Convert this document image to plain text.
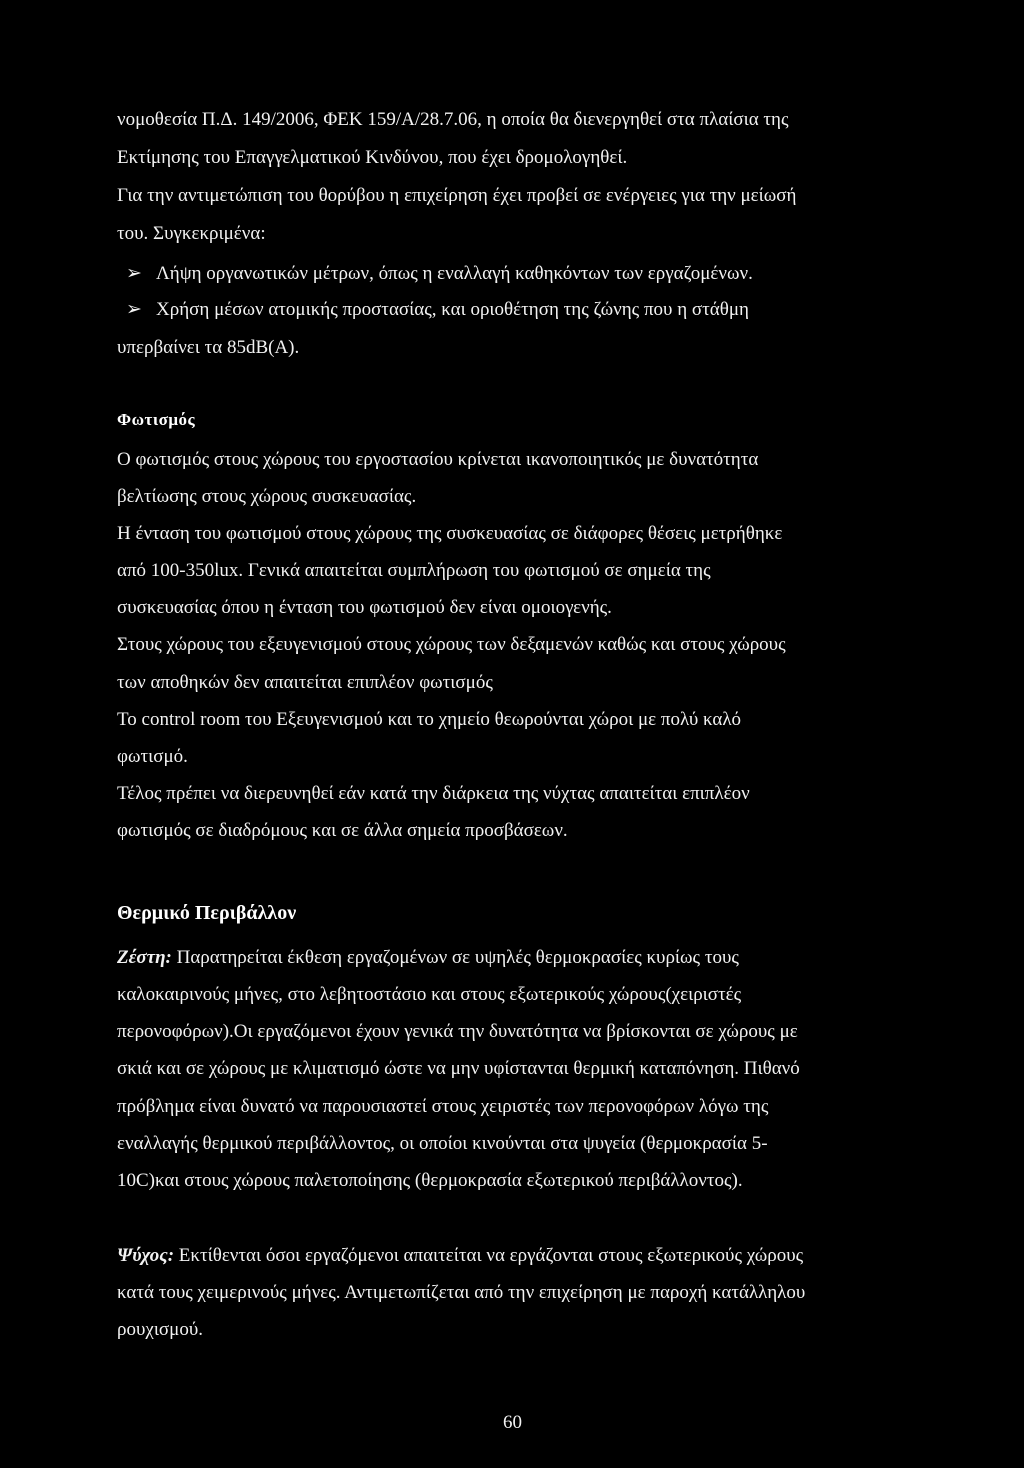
νομοθεσία Π.Δ. 149/2006, ΦΕΚ 159/Α/28.7.06, η οποία θα διενεργηθεί στα πλαίσια της
Εκτίμησης του Επαγγελματικού Κινδύνου, που έχει δρομολογηθεί.
Για την αντιμετώπιση του θορύβου η επιχείρηση έχει προβεί σε ενέργειες για την μείωσή
του. Συγκεκριμένα:
➢ Λήψη οργανωτικών μέτρων, όπως η εναλλαγή καθηκόντων των εργαζομένων.
➢ Χρήση μέσων ατομικής προστασίας, και οριοθέτηση της ζώνης που η στάθμη
υπερβαίνει τα 85dB(A).
Φωτισμός
Ο φωτισμός στους χώρους του εργοστασίου κρίνεται ικανοποιητικός με δυνατότητα
βελτίωσης στους χώρους συσκευασίας.
Η ένταση του φωτισμού στους χώρους της συσκευασίας σε διάφορες θέσεις μετρήθηκε
από 100-350lux. Γενικά απαιτείται συμπλήρωση του φωτισμού σε σημεία της
συσκευασίας όπου η ένταση του φωτισμού δεν είναι ομοιογενής.
Στους χώρους του εξευγενισμού στους χώρους των δεξαμενών καθώς και στους χώρους
των αποθηκών δεν απαιτείται επιπλέον φωτισμός
Το control room του Εξευγενισμού και το χημείο θεωρούνται χώροι με πολύ καλό
φωτισμό.
Τέλος πρέπει να διερευνηθεί εάν κατά την διάρκεια της νύχτας απαιτείται επιπλέον
φωτισμός σε διαδρόμους και σε άλλα σημεία προσβάσεων.
Θερμικό Περιβάλλον
Ζέστη: Παρατηρείται έκθεση εργαζομένων σε υψηλές θερμοκρασίες κυρίως τους
καλοκαιρινούς μήνες, στο λεβητοστάσιο και στους εξωτερικούς χώρους(χειριστές
περονοφόρων).Οι εργαζόμενοι έχουν γενικά την δυνατότητα να βρίσκονται σε χώρους με
σκιά και σε χώρους με κλιματισμό ώστε να μην υφίστανται θερμική καταπόνηση. Πιθανό
πρόβλημα είναι δυνατό να παρουσιαστεί στους χειριστές των περονοφόρων λόγω της
εναλλαγής θερμικού περιβάλλοντος, οι οποίοι κινούνται στα ψυγεία (θερμοκρασία 5-
10C)και στους χώρους παλετοποίησης (θερμοκρασία εξωτερικού περιβάλλοντος).
Ψύχος: Εκτίθενται όσοι εργαζόμενοι απαιτείται να εργάζονται στους εξωτερικούς χώρους
κατά τους χειμερινούς μήνες. Αντιμετωπίζεται από την επιχείρηση με παροχή κατάλληλου
ρουχισμού.
60
